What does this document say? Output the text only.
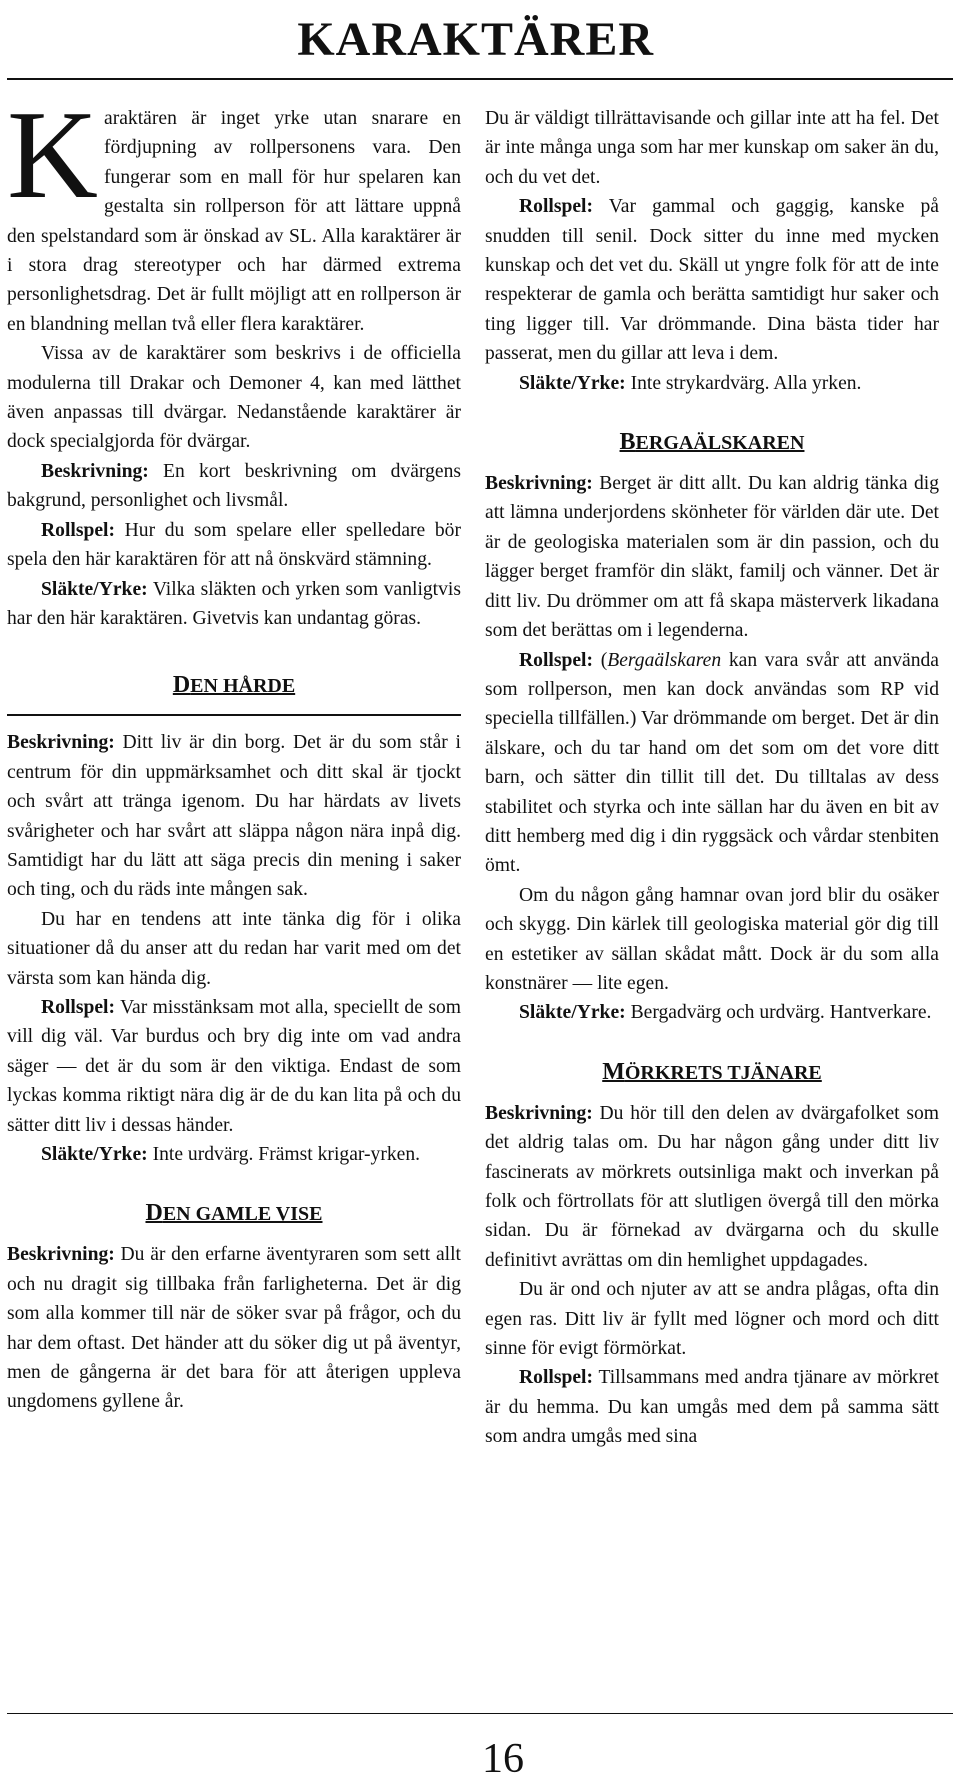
KARAKTÄRER

Karaktären är inget yrke utan snarare en fördjupning av rollpersonens vara. Den fungerar som en mall för hur spelaren kan gestalta sin rollperson för att lättare uppnå den spelstandard som är önskad av SL. Alla karaktärer är i stora drag stereotyper och har därmed extrema personlighetsdrag. Det är fullt möjligt att en rollperson är en blandning mellan två eller flera karaktärer.

Vissa av de karaktärer som beskrivs i de officiella modulerna till Drakar och Demoner 4, kan med lätthet även anpassas till dvärgar. Nedanstående karaktärer är dock specialgjorda för dvärgar.

Beskrivning: En kort beskrivning om dvärgens bakgrund, personlighet och livsmål.

Rollspel: Hur du som spelare eller spelledare bör spela den här karaktären för att nå önskvärd stämning.

Släkte/Yrke: Vilka släkten och yrken som vanligtvis har den här karaktären. Givetvis kan undantag göras.

DEN HÅRDE

Beskrivning: Ditt liv är din borg. Det är du som står i centrum för din uppmärksamhet och ditt skal är tjockt och svårt att tränga igenom. Du har härdats av livets svårigheter och har svårt att släppa någon nära inpå dig. Samtidigt har du lätt att säga precis din mening i saker och ting, och du räds inte mången sak.

Du har en tendens att inte tänka dig för i olika situationer då du anser att du redan har varit med om det värsta som kan hända dig.

Rollspel: Var misstänksam mot alla, speciellt de som vill dig väl. Var burdus och bry dig inte om vad andra säger — det är du som är den viktiga. Endast de som lyckas komma riktigt nära dig är de du kan lita på och du sätter ditt liv i dessas händer.

Släkte/Yrke: Inte urdvärg. Främst krigar-yrken.

DEN GAMLE VISE

Beskrivning: Du är den erfarne äventyraren som sett allt och nu dragit sig tillbaka från farligheterna. Det är dig som alla kommer till när de söker svar på frågor, och du har dem oftast. Det händer att du söker dig ut på äventyr, men de gångerna är det bara för att återigen uppleva ungdomens gyllene år.

Du är väldigt tillrättavisande och gillar inte att ha fel. Det är inte många unga som har mer kunskap om saker än du, och du vet det.

Rollspel: Var gammal och gaggig, kanske på snudden till senil. Dock sitter du inne med mycken kunskap och det vet du. Skäll ut yngre folk för att de inte respekterar de gamla och berätta samtidigt hur saker och ting ligger till. Var drömmande. Dina bästa tider har passerat, men du gillar att leva i dem.

Släkte/Yrke: Inte strykardvärg. Alla yrken.

BERGAÄLSKAREN

Beskrivning: Berget är ditt allt. Du kan aldrig tänka dig att lämna underjordens skönheter för världen där ute. Det är de geologiska materialen som är din passion, och du lägger berget framför din släkt, familj och vänner. Det är ditt liv. Du drömmer om att få skapa mästerverk likadana som det berättas om i legenderna.

Rollspel: (Bergaälskaren kan vara svår att använda som rollperson, men kan dock användas som RP vid speciella tillfällen.) Var drömmande om berget. Det är din älskare, och du tar hand om det som om det vore ditt barn, och sätter din tillit till det. Du tilltalas av dess stabilitet och styrka och inte sällan har du även en bit av ditt hemberg med dig i din ryggsäck och vårdar stenbiten ömt.

Om du någon gång hamnar ovan jord blir du osäker och skygg. Din kärlek till geologiska material gör dig till en estetiker av sällan skådat mått. Dock är du som alla konstnärer — lite egen.

Släkte/Yrke: Bergadvärg och urdvärg. Hantverkare.

MÖRKRETS TJÄNARE

Beskrivning: Du hör till den delen av dvärgafolket som det aldrig talas om. Du har någon gång under ditt liv fascinerats av mörkrets outsinliga makt och inverkan på folk och förtrollats för att slutligen övergå till den mörka sidan. Du är förnekad av dvärgarna och du skulle definitivt avrättas om din hemlighet uppdagades.

Du är ond och njuter av att se andra plågas, ofta din egen ras. Ditt liv är fyllt med lögner och mord och ditt sinne för evigt förmörkat.

Rollspel: Tillsammans med andra tjänare av mörkret är du hemma. Du kan umgås med dem på samma sätt som andra umgås med sina

16
